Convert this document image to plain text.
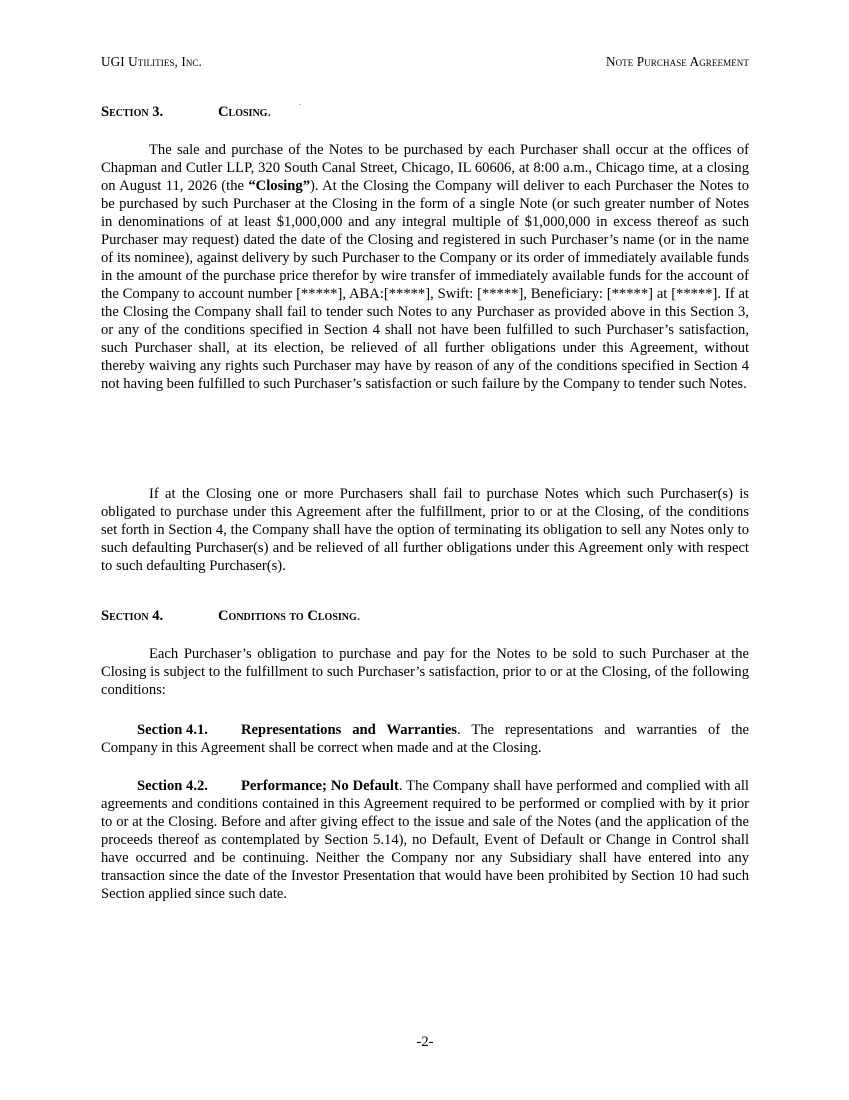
UGI Utilities, Inc.	Note Purchase Agreement
Section 3.	Closing.
The sale and purchase of the Notes to be purchased by each Purchaser shall occur at the offices of Chapman and Cutler LLP, 320 South Canal Street, Chicago, IL 60606, at 8:00 a.m., Chicago time, at a closing on August 11, 2026 (the “Closing”). At the Closing the Company will deliver to each Purchaser the Notes to be purchased by such Purchaser at the Closing in the form of a single Note (or such greater number of Notes in denominations of at least $1,000,000 and any integral multiple of $1,000,000 in excess thereof as such Purchaser may request) dated the date of the Closing and registered in such Purchaser’s name (or in the name of its nominee), against delivery by such Purchaser to the Company or its order of immediately available funds in the amount of the purchase price therefor by wire transfer of immediately available funds for the account of the Company to account number [*****], ABA:[*****], Swift: [*****], Beneficiary: [*****] at [*****]. If at the Closing the Company shall fail to tender such Notes to any Purchaser as provided above in this Section 3, or any of the conditions specified in Section 4 shall not have been fulfilled to such Purchaser’s satisfaction, such Purchaser shall, at its election, be relieved of all further obligations under this Agreement, without thereby waiving any rights such Purchaser may have by reason of any of the conditions specified in Section 4 not having been fulfilled to such Purchaser’s satisfaction or such failure by the Company to tender such Notes.
If at the Closing one or more Purchasers shall fail to purchase Notes which such Purchaser(s) is obligated to purchase under this Agreement after the fulfillment, prior to or at the Closing, of the conditions set forth in Section 4, the Company shall have the option of terminating its obligation to sell any Notes only to such defaulting Purchaser(s) and be relieved of all further obligations under this Agreement only with respect to such defaulting Purchaser(s).
Section 4.	Conditions to Closing.
Each Purchaser’s obligation to purchase and pay for the Notes to be sold to such Purchaser at the Closing is subject to the fulfillment to such Purchaser’s satisfaction, prior to or at the Closing, of the following conditions:
Section 4.1. Representations and Warranties. The representations and warranties of the Company in this Agreement shall be correct when made and at the Closing.
Section 4.2. Performance; No Default. The Company shall have performed and complied with all agreements and conditions contained in this Agreement required to be performed or complied with by it prior to or at the Closing. Before and after giving effect to the issue and sale of the Notes (and the application of the proceeds thereof as contemplated by Section 5.14), no Default, Event of Default or Change in Control shall have occurred and be continuing. Neither the Company nor any Subsidiary shall have entered into any transaction since the date of the Investor Presentation that would have been prohibited by Section 10 had such Section applied since such date.
-2-
